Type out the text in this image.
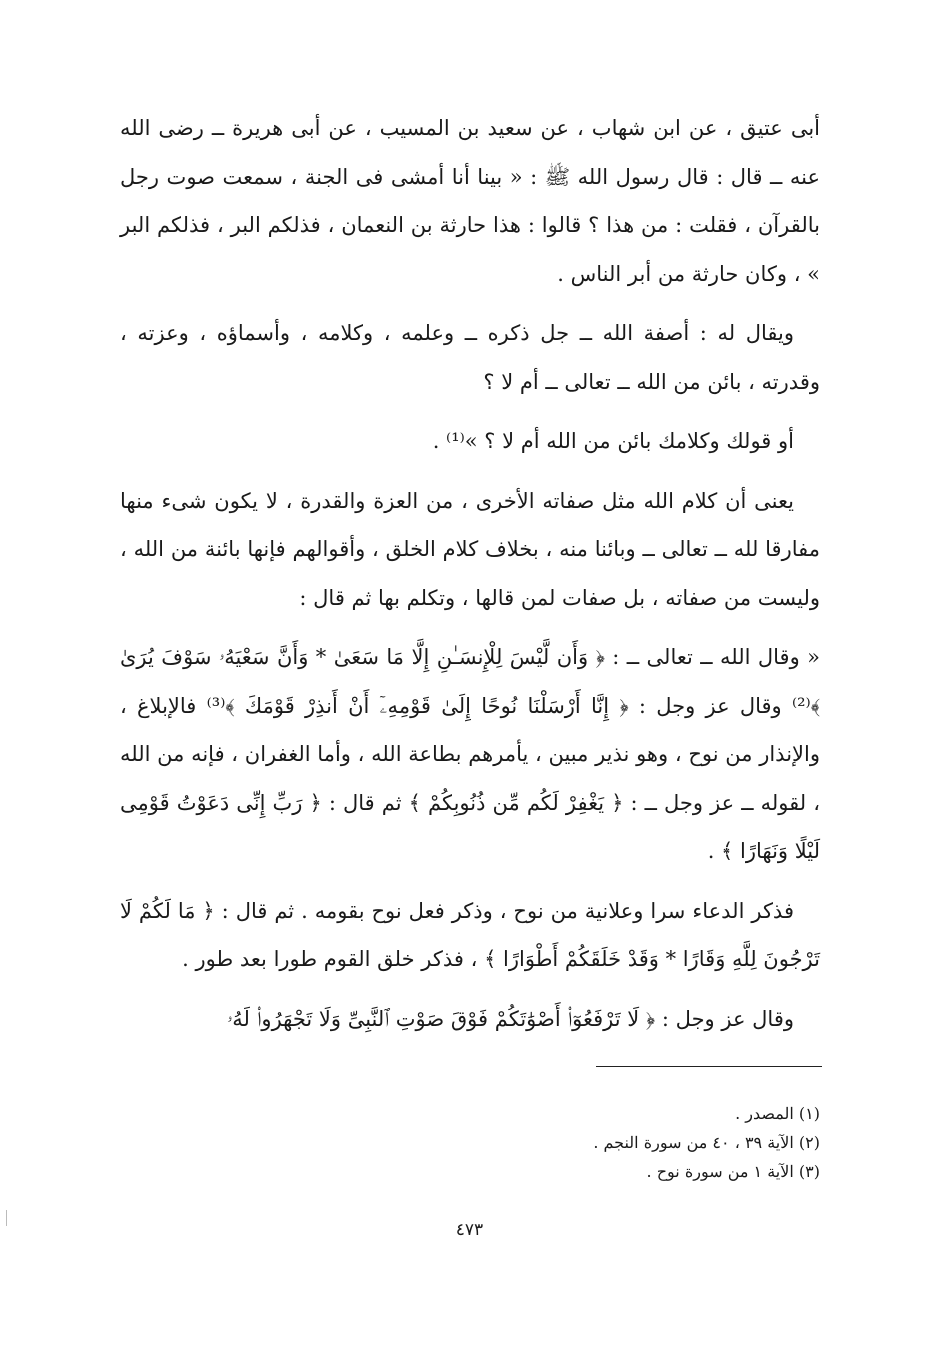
أبى عتيق ، عن ابن شهاب ، عن سعيد بن المسيب ، عن أبى هريرة ــ رضى الله عنه ــ قال : قال رسول الله ﷺ : « بينا أنا أمشى فى الجنة ، سمعت صوت رجل بالقرآن ، فقلت : من هذا ؟ قالوا : هذا حارثة بن النعمان ، فذلكم البر ، فذلكم البر » ، وكان حارثة من أبر الناس .

ويقال له : أصفة الله ــ جل ذكره ــ وعلمه ، وكلامه ، وأسماؤه ، وعزته ، وقدرته ، بائن من الله ــ تعالى ــ أم لا ؟

أو قولك وكلامك بائن من الله أم لا ؟ »⁽¹⁾ .

يعنى أن كلام الله مثل صفاته الأخرى ، من العزة والقدرة ، لا يكون شىء منها مفارقا لله ــ تعالى ــ وبائنا منه ، بخلاف كلام الخلق ، وأقوالهم فإنها بائنة من الله ، وليست من صفاته ، بل صفات لمن قالها ، وتكلم بها ثم قال :

« وقال الله ــ تعالى ــ : ﴿ وَأَن لَّيْسَ لِلْإِنسَـٰنِ إِلَّا مَا سَعَىٰ * وَأَنَّ سَعْيَهُۥ سَوْفَ يُرَىٰ ﴾⁽²⁾ وقال عز وجل : ﴿ إِنَّا أَرْسَلْنَا نُوحًا إِلَىٰ قَوْمِهِۦٓ أَنْ أَنذِرْ قَوْمَكَ ﴾⁽³⁾ فالإبلاغ ، والإنذار من نوح ، وهو نذير مبين ، يأمرهم بطاعة الله ، وأما الغفران ، فإنه من الله ، لقوله ــ عز وجل ــ : ﴿ يَغْفِرْ لَكُم مِّن ذُنُوبِكُمْ ﴾ ثم قال : ﴿ رَبِّ إِنِّى دَعَوْتُ قَوْمِى لَيْلًا وَنَهَارًا ﴾ .

فذكر الدعاء سرا وعلانية من نوح ، وذكر فعل نوح بقومه . ثم قال : ﴿ مَا لَكُمْ لَا تَرْجُونَ لِلَّهِ وَقَارًا * وَقَدْ خَلَقَكُمْ أَطْوَارًا ﴾ ، فذكر خلق القوم طورا بعد طور .

وقال عز وجل : ﴿ لَا تَرْفَعُوٓا۟ أَصْوَٰتَكُمْ فَوْقَ صَوْتِ ٱلنَّبِىِّ وَلَا تَجْهَرُوا۟ لَهُۥ

(١) المصدر .

(٢) الآية ٣٩ ، ٤٠ من سورة النجم .

(٣) الآية ١ من سورة نوح .

٤٧٣
